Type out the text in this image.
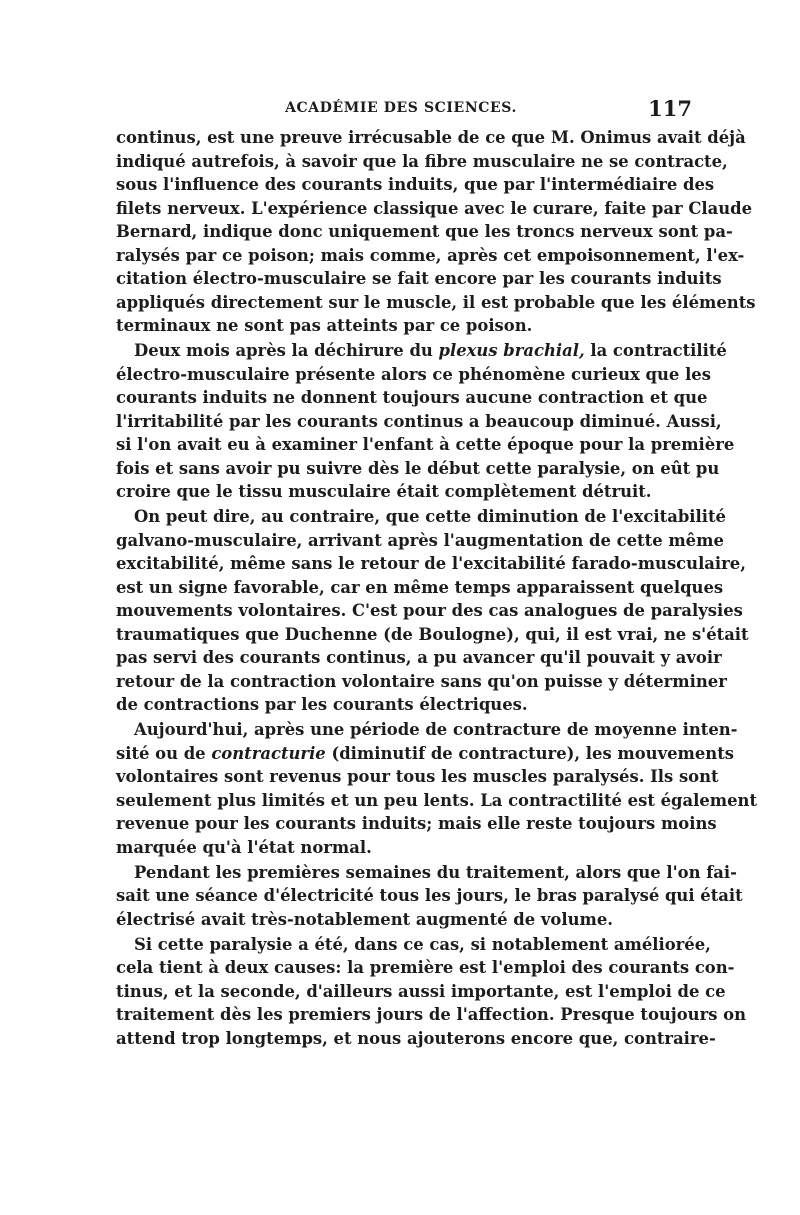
ACADÉMIE DES SCIENCES.	117
continus, est une preuve irrécusable de ce que M. Onimus avait déjà
indiqué autrefois, à savoir que la fibre musculaire ne se contracte,
sous l'influence des courants induits, que par l'intermédiaire des
filets nerveux. L'expérience classique avec le curare, faite par Claude
Bernard, indique donc uniquement que les troncs nerveux sont pa-
ralysés par ce poison; mais comme, après cet empoisonnement, l'ex-
citation électro-musculaire se fait encore par les courants induits
appliqués directement sur le muscle, il est probable que les éléments
terminaux ne sont pas atteints par ce poison.
Deux mois après la déchirure du plexus brachial, la contractilité
électro-musculaire présente alors ce phénomène curieux que les
courants induits ne donnent toujours aucune contraction et que
l'irritabilité par les courants continus a beaucoup diminué. Aussi,
si l'on avait eu à examiner l'enfant à cette époque pour la première
fois et sans avoir pu suivre dès le début cette paralysie, on eût pu
croire que le tissu musculaire était complètement détruit.
On peut dire, au contraire, que cette diminution de l'excitabilité
galvano-musculaire, arrivant après l'augmentation de cette même
excitabilité, même sans le retour de l'excitabilité farado-musculaire,
est un signe favorable, car en même temps apparaissent quelques
mouvements volontaires. C'est pour des cas analogues de paralysies
traumatiques que Duchenne (de Boulogne), qui, il est vrai, ne s'était
pas servi des courants continus, a pu avancer qu'il pouvait y avoir
retour de la contraction volontaire sans qu'on puisse y déterminer
de contractions par les courants électriques.
Aujourd'hui, après une période de contracture de moyenne inten-
sité ou de contracturie (diminutif de contracture), les mouvements
volontaires sont revenus pour tous les muscles paralysés. Ils sont
seulement plus limités et un peu lents. La contractilité est également
revenue pour les courants induits; mais elle reste toujours moins
marquée qu'à l'état normal.
Pendant les premières semaines du traitement, alors que l'on fai-
sait une séance d'électricité tous les jours, le bras paralysé qui était
électrisé avait très-notablement augmenté de volume.
Si cette paralysie a été, dans ce cas, si notablement améliorée,
cela tient à deux causes: la première est l'emploi des courants con-
tinus, et la seconde, d'ailleurs aussi importante, est l'emploi de ce
traitement dès les premiers jours de l'affection. Presque toujours on
attend trop longtemps, et nous ajouterons encore que, contraire-
